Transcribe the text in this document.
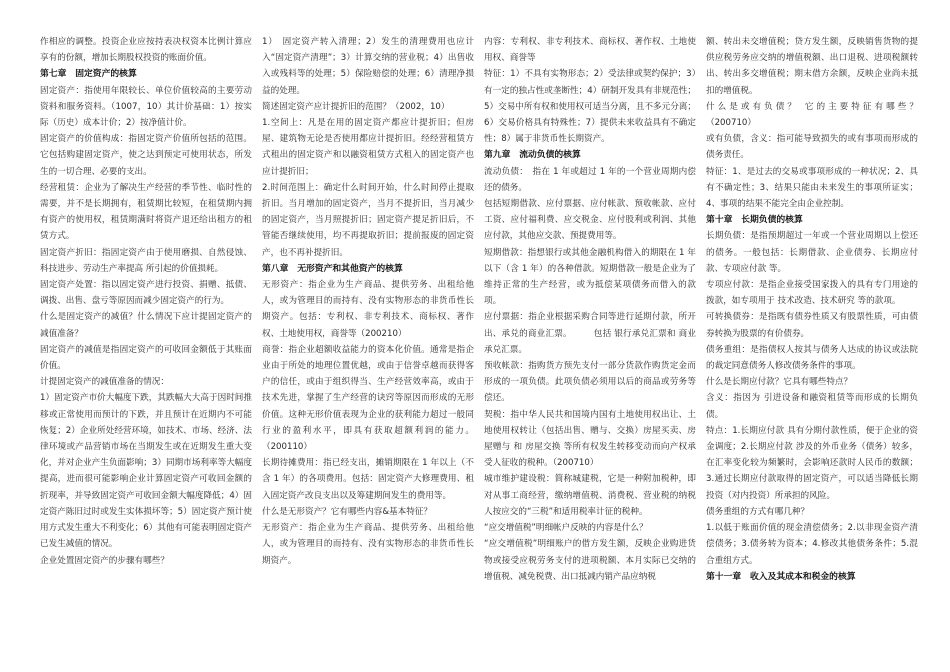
作相应的调整。投资企业应按持表决权资本比例计算应享有的份额，增加长期股权投资的账面价值。

第七章　固定资产的核算

固定资产：指使用年限较长、单位价值较高的主要劳动资料和服务资料。（1007，10）其计价基础：1）按实际（历史）成本计价；2）按净值计价。

固定资产的价值构成：指固定资产价值所包括的范围。它包括购建固定资产，使之达到预定可使用状态，所发生的一切合理、必要的支出。

经营租赁：企业为了解决生产经营的季节性、临时性的需要，并不是长期拥有，租赁期比较短，在租赁期内拥有资产的使用权，租赁期满时将资产退还给出租方的租赁方式。

固定资产折旧：指固定资产由于使用磨损、自然侵蚀、科技进步、劳动生产率提高 所引起的价值损耗。

固定资产处置：指以固定资产进行投资、捐赠、抵债、调拨、出售、盘亏等原因而减少固定资产的行为。

什么是固定资产的减值？什么情况下应计提固定资产的减值准备？

固定资产的减值是指固定资产的可收回金额低于其账面价值。

计提固定资产的减值准备的情况：

1）固定资产市价大幅度下跌，其跌幅大大高于因时间推移或正常使用而预计的下跌，并且预计在近期内不可能恢复；2）企业所处经营环境，如技术、市场、经济、法律环境或产品营销市场在当期发生或在近期发生重大变化，并对企业产生负面影响；3）同期市场利率等大幅度提高，进而很可能影响企业计算固定资产可收回金额的折现率，并导致固定资产可收回金额大幅度降低；4）固定资产陈旧过时或发生实体损坏等；5）固定资产预计使用方式发生重大不利变化；6）其他有可能表明固定资产已发生减值的情况。

企业处置固定资产的步骤有哪些？

1）　固定资产转入清理；2）发生的清理费用也应计入“固定资产清理”；3）计算交纳的营业税；4）出售收入或残料等的处理；5）保险赔偿的处理；6）清理净损益的处理。

简述固定资产应计提折旧的范围？（2002，10）

1.空间上：凡是在用的固定资产都应计提折旧；但房屋、建筑物无论是否使用都应计提折旧。经经营租赁方式租出的固定资产和以融资租赁方式租入的固定资产也应计提折旧；

2.时间范围上：确定什么时间开始，什么时间停止提取折旧。当月增加的固定资产，当月不提折旧，当月减少的固定资产，当月照提折旧；固定资产提足折旧后，不管能否继续使用，均不再提取折旧；提前报废的固定资产，也不再补提折旧。

第八章　无形资产和其他资产的核算

无形资产：指企业为生产商品、提供劳务、出租给他人，或为管理目的而持有、没有实物形态的非货币性长期资产。包括：专利权、非专利技术、商标权、著作权、土地使用权，商誉等（200210）

商誉：指企业超额收益能力的资本化价值。通常是指企业由于所处的地理位置优越，或由于信誉卓越而获得客户的信任，或由于组织得当、生产经营效率高，或由于技术先进，掌握了生产经营的诀窍等原因而形成的无形价值。这种无形价值表现为企业的获利能力超过一般同行业的盈利水平，即具有获取超额利润的能力。（200110）

长期待摊费用：指已经支出，摊销期限在 1 年以上（不含 1 年）的各项费用。包括：固定资产大修理费用、租入固定资产改良支出以及筹建期间发生的费用等。

什么是无形资产？它有哪些内容&基本特征？

无形资产：指企业为生产商品、提供劳务、出租给他人，或为管理目的而持有、没有实物形态的非货币性长期资产。

内容：专利权、非专利技术、商标权、著作权、土地使用权、商誉等

特征：1）不具有实物形态；2）受法律或契约保护；3）有一定的独占性或垄断性；4）研制开发具有非规范性；5）交易中所有权和使用权可适当分离，且不多元分离；6）交易价格具有特殊性；7）提供未来收益具有不确定性；8）属于非货币性长期资产。

第九章　流动负债的核算

流动负债：　指在 1 年或超过 1 年的一个营业周期内偿还的债务。

包括短期借款、应付票据、应付帐款、预收帐款、应付工资、应付福利费、应交税金、应付股利或利润、其他应付款，其他应交款、预提费用等。

短期借款：指想银行或其他金融机构借入的期限在 1 年以下（含 1 年）的各种借款。短期借款一般是企业为了维持正常的生产经营，或为抵偿某项债务而借入的款项。

应付票据：指企业根据采购合同等进行延期付款，所开出、承兑的商业汇票。　　　包括 银行承兑汇票和 商业承兑汇票。

预收帐款：指购货方预先支付一部分货款作购货定金而形成的一项负债。此项负债必须用以后的商品或劳务等偿还。

契税：指中华人民共和国境内国有土地使用权出让、土地使用权转让（包括出售、赠与、交换）房屋买卖、房屋赠与 和 房屋交换 等所有权发生转移变动而向产权承受人征收的税种。（200710）

城市维护建设税：简称城建税，它是一种附加税种，即对从事工商经营，缴纳增值税、消费税、营业税的纳税人按应交的“三税”和适用税率计征的税种。

“应交增值税”明细帐户反映的内容是什么？

“应交增值税”明细账户的借方发生额，反映企业购进货物或接受应税劳务支付的进项税额、本月实际已交纳的增值税、减免税费、出口抵减内销产品应纳税

额、转出未交增值税；贷方发生额，反映销售货物的提供应税劳务应交纳的增值税额、出口退税、进项税额转出、转出多交增值税；期末借方余额，反映企业尚未抵扣的增值税。

什 么 是 或 有 负 债 ？　它 的 主 要 特 征 有 哪 些 ？（200710）

或有负债，含义：指可能导致损失的或有事项而形成的债务责任。

特征：1、是过去的交易或事项形成的一种状况；2、具有不确定性；3、结果只能由未来发生的事项所证实；4、事项的结果不能完全由企业控制。

第十章　长期负债的核算

长期负债：是指预期超过一年或一个营业周期以上偿还的债务。一般包括：长期借款、企业债券、长期应付款、专项应付款 等。

专项应付款：是指企业接受国家拨入的具有专门用途的拨款，如专项用于 技术改造、技术研究 等的款项。

可转换债券：是指既有债券性质又有股票性质，可由债券转换为股票的有价债券。

债务重组：是指债权人按其与债务人达成的协议或法院的裁定同意债务人修改债务条件的事项。

什么是长期应付款？它具有哪些特点？

含义：指因为 引进设备和融资租赁等而形成的长期负债。

特点：1.长期应付款 具有分期付款性质，便于企业的资金调度；2.长期应付款 涉及的外币业务（债务）较多，在汇率变化较为频繁时，会影响还款时人民币的数额；3.通过长期应付款取得的固定资产，可以适当降低长期投资（对内投资）所承担的风险。

债务重组的方式有哪几种？

1.以低于账面价值的现金清偿债务；2.以非现金资产清偿债务；3.债务转为资本；4.修改其他债务条件；5.混合重组方式。

第十一章　收入及其成本和税金的核算
